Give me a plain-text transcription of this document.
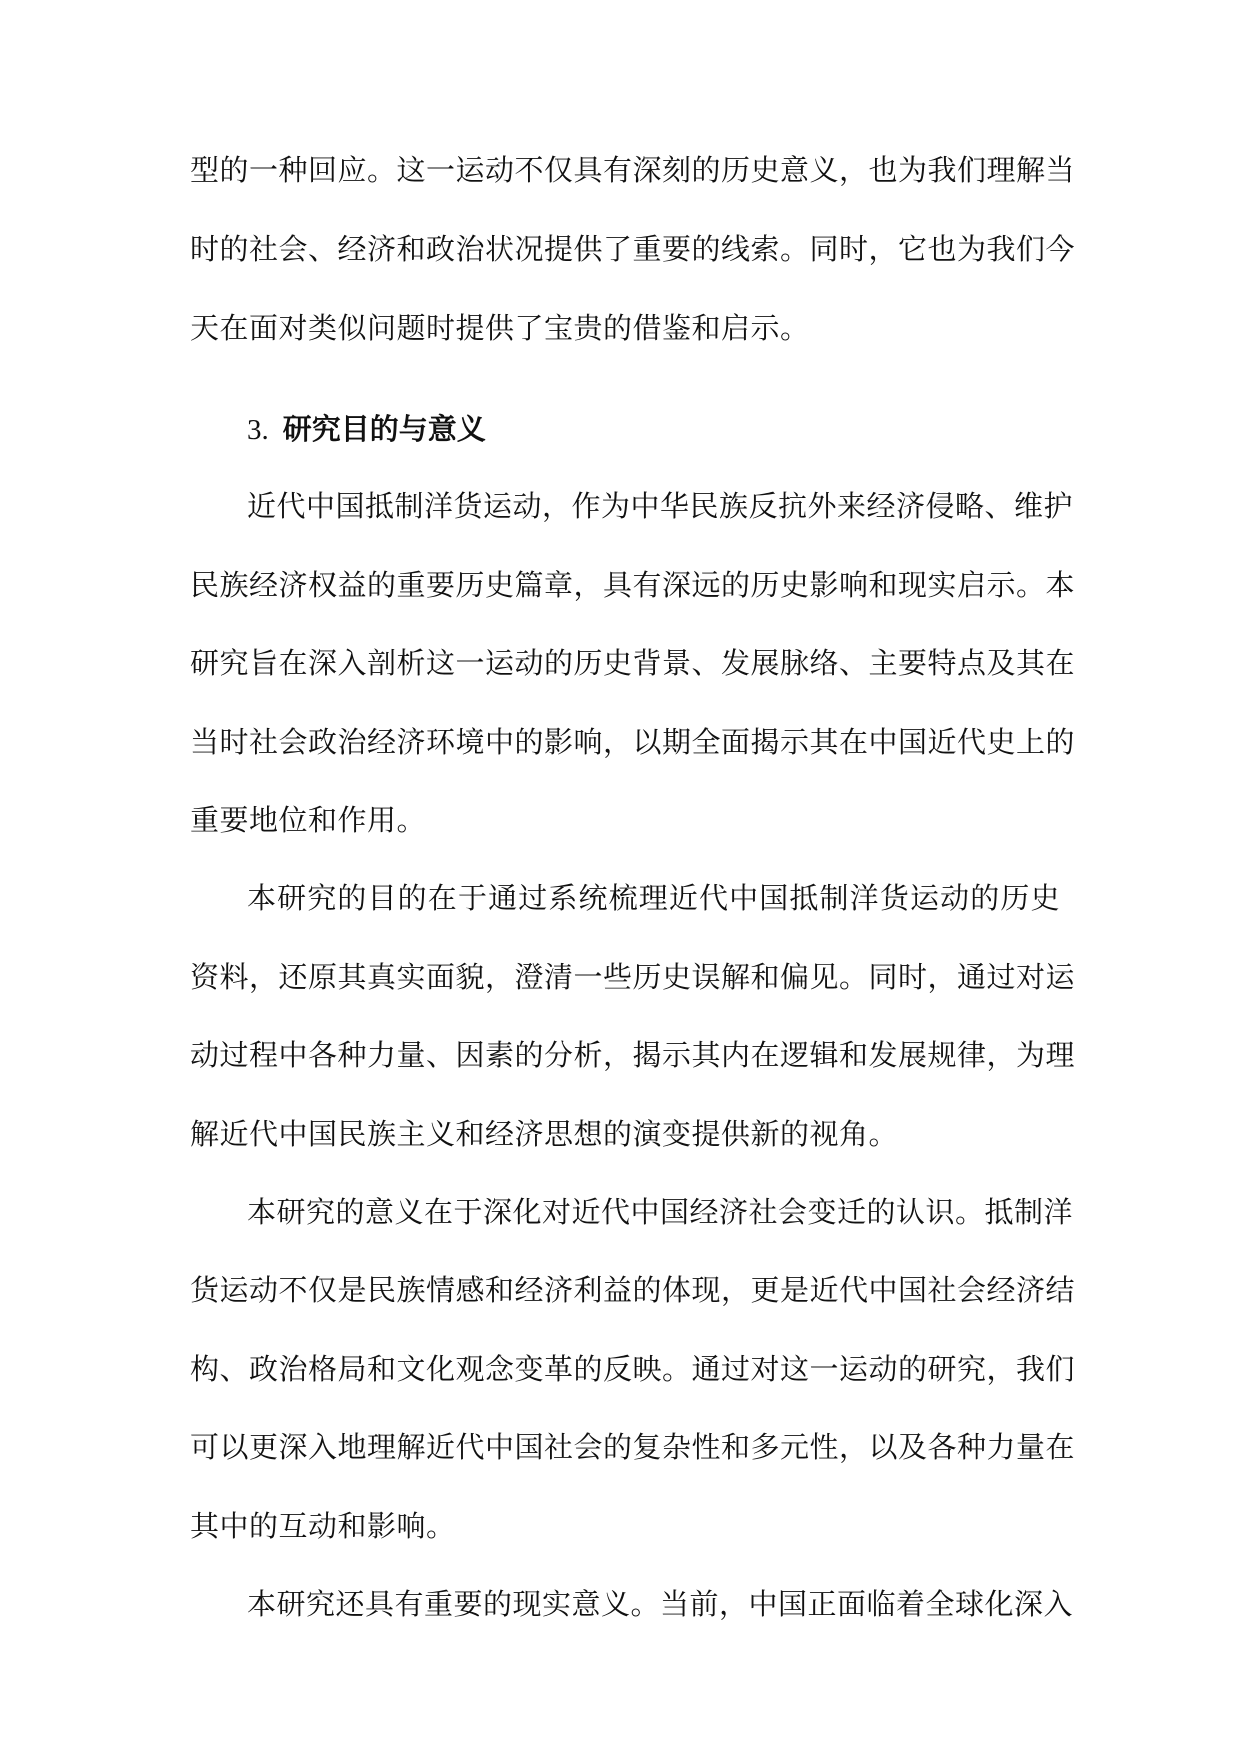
型的一种回应。这一运动不仅具有深刻的历史意义，也为我们理解当
时的社会、经济和政治状况提供了重要的线索。同时，它也为我们今
天在面对类似问题时提供了宝贵的借鉴和启示。
3. 研究目的与意义
近代中国抵制洋货运动，作为中华民族反抗外来经济侵略、维护
民族经济权益的重要历史篇章，具有深远的历史影响和现实启示。本
研究旨在深入剖析这一运动的历史背景、发展脉络、主要特点及其在
当时社会政治经济环境中的影响，以期全面揭示其在中国近代史上的
重要地位和作用。
本研究的目的在于通过系统梳理近代中国抵制洋货运动的历史
资料，还原其真实面貌，澄清一些历史误解和偏见。同时，通过对运
动过程中各种力量、因素的分析，揭示其内在逻辑和发展规律，为理
解近代中国民族主义和经济思想的演变提供新的视角。
本研究的意义在于深化对近代中国经济社会变迁的认识。抵制洋
货运动不仅是民族情感和经济利益的体现，更是近代中国社会经济结
构、政治格局和文化观念变革的反映。通过对这一运动的研究，我们
可以更深入地理解近代中国社会的复杂性和多元性，以及各种力量在
其中的互动和影响。
本研究还具有重要的现实意义。当前，中国正面临着全球化深入
